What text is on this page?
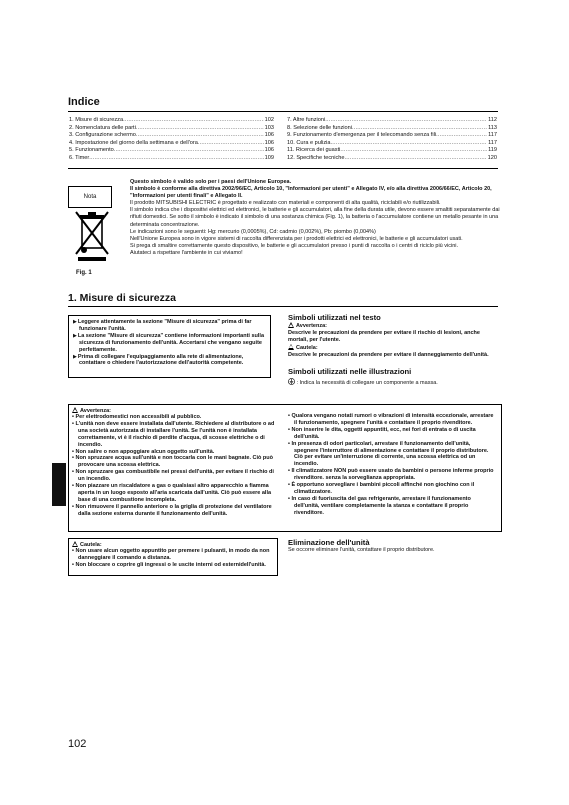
Indice
1. Misure di sicurezza .....	102
2. Nomenclatura delle parti .....	103
3. Configurazione schermo .....	106
4. Impostazione del giorno della settimana e dell'ora .....	106
5. Funzionamento .....	106
6. Timer .....	109
7. Altre funzioni .....	112
8. Selezione delle funzioni .....	113
9. Funzionamento d'emergenza per il telecomando senza fili .....	117
10. Cura e pulizia .....	117
11. Ricerca dei guasti .....	119
12. Specifiche tecniche .....	120
Nota
Fig. 1

Questo simbolo è valido solo per i paesi dell'Unione Europea.

Il simbolo è conforme alla direttiva 2002/96/EC, Articolo 10, "Informazioni per utenti" e Allegato IV, e/o alla direttiva 2006/66/EC, Articolo 20, "Informazioni per utenti finali" e Allegato II.

Il prodotto MITSUBISHI ELECTRIC è progettato e realizzato con materiali e componenti di alta qualità, riciclabili e/o riutilizzabili.

Il simbolo indica che i dispositivi elettrici ed elettronici, le batterie e gli accumulatori, alla fine della durata utile, devono essere smaltiti separatamente dai rifiuti domestici. Se sotto il simbolo è indicato il simbolo di una sostanza chimica (Fig. 1), la batteria o l'accumulatore contiene un metallo pesante in una determinata concentrazione.

Le indicazioni sono le seguenti: Hg: mercurio (0,0005%), Cd: cadmio (0,002%), Pb: piombo (0,004%)

Nell'Unione Europea sono in vigore sistemi di raccolta differenziata per i prodotti elettrici ed elettronici, le batterie e gli accumulatori usati.

Si prega di smaltire correttamente questo dispositivo, le batterie e gli accumulatori presso i punti di raccolta o i centri di riciclo più vicini.

Aiutateci a rispettare l'ambiente in cui viviamo!

1. Misure di sicurezza
▶ Leggere attentamente la sezione "Misure di sicurezza" prima di far funzionare l'unità.
▶ La sezione "Misure di sicurezza" contiene informazioni importanti sulla sicurezza di funzionamento dell'unità. Accertarsi che vengano seguite perfettamente.
▶ Prima di collegare l'equipaggiamento alla rete di alimentazione, contattare o chiedere l'autorizzazione dell'autorità competente.
Simboli utilizzati nel testo
Avvertenza:
Descrive le precauzioni da prendere per evitare il rischio di lesioni, anche mortali, per l'utente.
Cautela:
Descrive le precauzioni da prendere per evitare il danneggiamento dell'unità.
Simboli utilizzati nelle illustrazioni
: Indica la necessità di collegare un componente a massa.
Avvertenza:
• Per elettrodomestici non accessibili al pubblico.
• L'unità non deve essere installata dall'utente. Richiedere al distributore o ad una società autorizzata di installare l'unità. Se l'unità non è installata correttamente, vi è il rischio di perdite d'acqua, di scosse elettriche o di incendio.
• Non salire o non appoggiare alcun oggetto sull'unità.
• Non spruzzare acqua sull'unità e non toccarla con le mani bagnate. Ciò può provocare una scossa elettrica.
• Non spruzzare gas combustibile nei pressi dell'unità, per evitare il rischio di un incendio.
• Non piazzare un riscaldatore a gas o qualsiasi altro apparecchio a fiamma aperta in un luogo esposto all'aria scaricata dall'unità. Ciò può essere alla base di una combustione incompleta.
• Non rimuovere il pannello anteriore o la griglia di protezione del ventilatore dalla sezione esterna durante il funzionamento dell'unità.
• Qualora vengano notati rumori o vibrazioni di intensità eccezionale, arrestare il funzionamento, spegnere l'unità e contattare il proprio rivenditore.
• Non inserire le dita, oggetti appuntiti, ecc, nei fori di entrata o di uscita dell'unità.
• In presenza di odori particolari, arrestare il funzionamento dell'unità, spegnere l'interruttore di alimentazione e contattare il proprio distributore. Ciò per evitare un'interruzione di corrente, una scossa elettrica od un incendio.
• Il climatizzatore NON può essere usato da bambini o persone inferme proprio rivenditore. senza la sorveglianza appropriata.
• È opportuno sorvegliare i bambini piccoli affinché non giochino con il climatizzatore.
• In caso di fuoriuscita del gas refrigerante, arrestare il funzionamento dell'unità, ventilare completamente la stanza e contattare il proprio rivenditore.
Cautela:
• Non usare alcun oggetto appuntito per premere i pulsanti, in modo da non danneggiare il comando a distanza.
• Non bloccare o coprire gli ingressi o le uscite interni od esternidell'unità.
Eliminazione dell'unità
Se occorre eliminare l'unità, contattare il proprio distributore.
102
